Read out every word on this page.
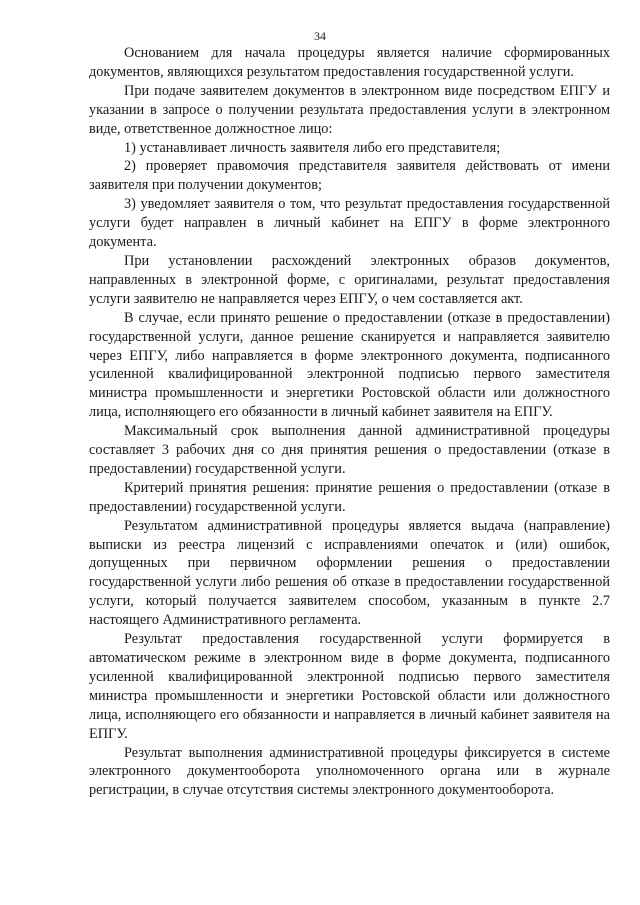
34

Основанием для начала процедуры является наличие сформированных документов, являющихся результатом предоставления государственной услуги.

При подаче заявителем документов в электронном виде посредством ЕПГУ и указании в запросе о получении результата предоставления услуги в электронном виде, ответственное должностное лицо:

1) устанавливает личность заявителя либо его представителя;

2) проверяет правомочия представителя заявителя действовать от имени заявителя при получении документов;

3) уведомляет заявителя о том, что результат предоставления государственной услуги будет направлен в личный кабинет на ЕПГУ в форме электронного документа.

При установлении расхождений электронных образов документов, направленных в электронной форме, с оригиналами, результат предоставления услуги заявителю не направляется через ЕПГУ, о чем составляется акт.

В случае, если принято решение о предоставлении (отказе в предоставлении) государственной услуги, данное решение сканируется и направляется заявителю через ЕПГУ, либо направляется в форме электронного документа, подписанного усиленной квалифицированной электронной подписью первого заместителя министра промышленности и энергетики Ростовской области или должностного лица, исполняющего его обязанности в личный кабинет заявителя на ЕПГУ.

Максимальный срок выполнения данной административной процедуры составляет 3 рабочих дня со дня принятия решения о предоставлении (отказе в предоставлении) государственной услуги.

Критерий принятия решения: принятие решения о предоставлении (отказе в предоставлении) государственной услуги.

Результатом административной процедуры является выдача (направление) выписки из реестра лицензий с исправлениями опечаток и (или) ошибок, допущенных при первичном оформлении решения о предоставлении государственной услуги либо решения об отказе в предоставлении государственной услуги, который получается заявителем способом, указанным в пункте 2.7 настоящего Административного регламента.

Результат предоставления государственной услуги формируется в автоматическом режиме в электронном виде в форме документа, подписанного усиленной квалифицированной электронной подписью первого заместителя министра промышленности и энергетики Ростовской области или должностного лица, исполняющего его обязанности и направляется в личный кабинет заявителя на ЕПГУ.

Результат выполнения административной процедуры фиксируется в системе электронного документооборота уполномоченного органа или в журнале регистрации, в случае отсутствия системы электронного документооборота.
